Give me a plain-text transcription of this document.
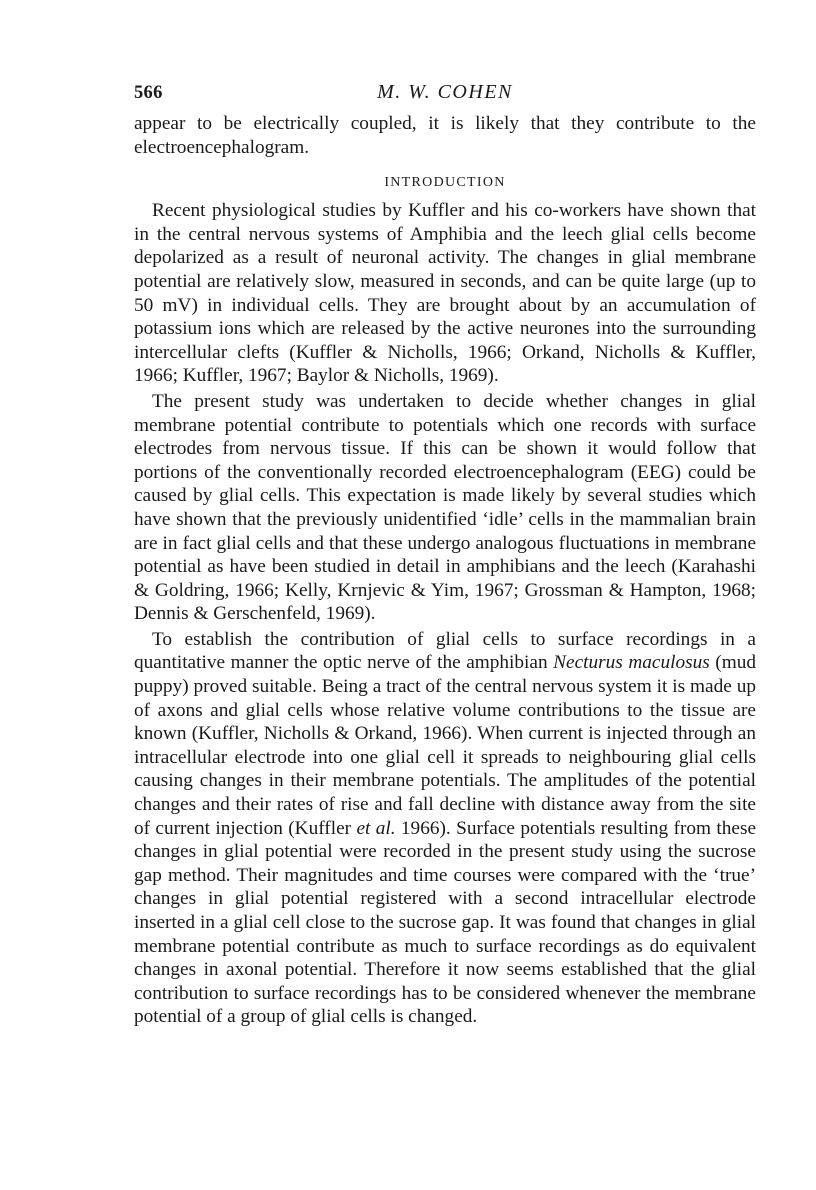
566	M. W. COHEN

appear to be electrically coupled, it is likely that they contribute to the electroencephalogram.

INTRODUCTION

Recent physiological studies by Kuffler and his co-workers have shown that in the central nervous systems of Amphibia and the leech glial cells become depolarized as a result of neuronal activity. The changes in glial membrane potential are relatively slow, measured in seconds, and can be quite large (up to 50 mV) in individual cells. They are brought about by an accumulation of potassium ions which are released by the active neurones into the surrounding intercellular clefts (Kuffler & Nicholls, 1966; Orkand, Nicholls & Kuffler, 1966; Kuffler, 1967; Baylor & Nicholls, 1969).

The present study was undertaken to decide whether changes in glial membrane potential contribute to potentials which one records with surface electrodes from nervous tissue. If this can be shown it would follow that portions of the conventionally recorded electroencephalogram (EEG) could be caused by glial cells. This expectation is made likely by several studies which have shown that the previously unidentified ‘idle’ cells in the mammalian brain are in fact glial cells and that these undergo analogous fluctuations in membrane potential as have been studied in detail in amphibians and the leech (Karahashi & Goldring, 1966; Kelly, Krnjevic & Yim, 1967; Grossman & Hampton, 1968; Dennis & Gerschenfeld, 1969).

To establish the contribution of glial cells to surface recordings in a quantitative manner the optic nerve of the amphibian Necturus maculosus (mud puppy) proved suitable. Being a tract of the central nervous system it is made up of axons and glial cells whose relative volume contributions to the tissue are known (Kuffler, Nicholls & Orkand, 1966). When current is injected through an intracellular electrode into one glial cell it spreads to neighbouring glial cells causing changes in their membrane potentials. The amplitudes of the potential changes and their rates of rise and fall decline with distance away from the site of current injection (Kuffler et al. 1966). Surface potentials resulting from these changes in glial potential were recorded in the present study using the sucrose gap method. Their magnitudes and time courses were compared with the ‘true’ changes in glial potential registered with a second intracellular electrode inserted in a glial cell close to the sucrose gap. It was found that changes in glial membrane potential contribute as much to surface recordings as do equivalent changes in axonal potential. Therefore it now seems established that the glial contribution to surface recordings has to be considered whenever the membrane potential of a group of glial cells is changed.
